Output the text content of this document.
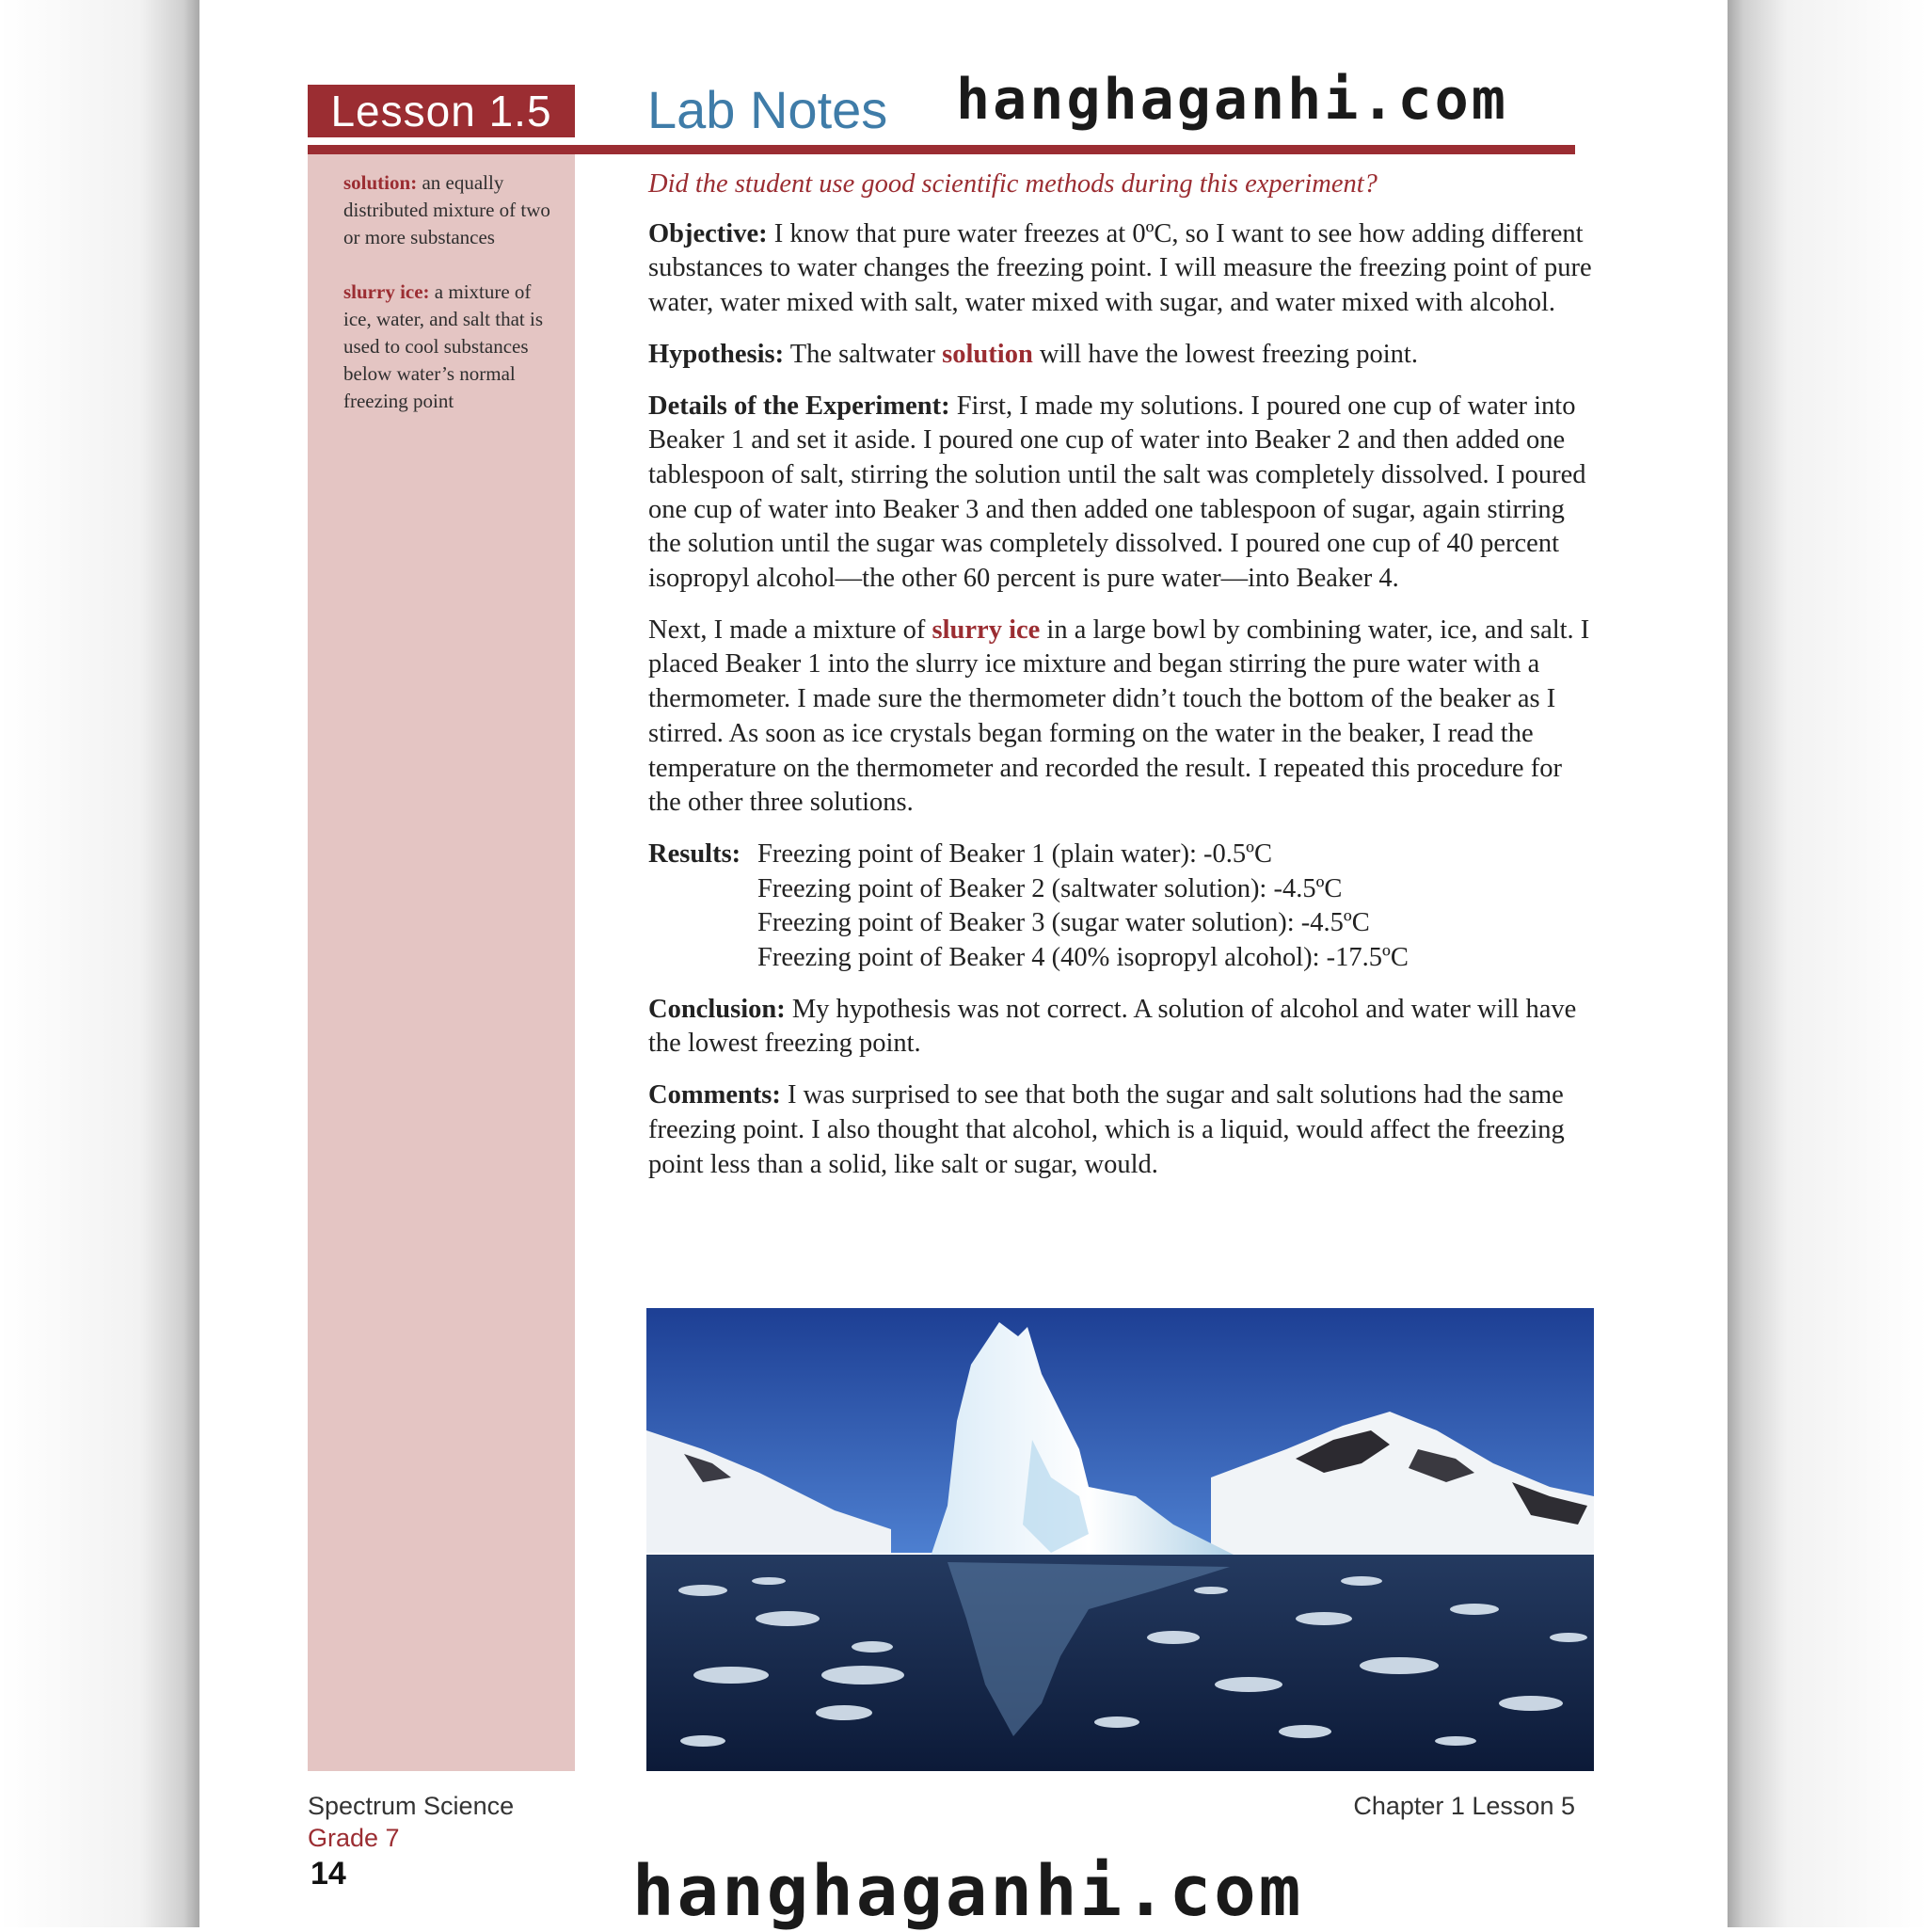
Lesson 1.5	Lab Notes hanghaganhi.com
solution: an equally distributed mixture of two or more substances
slurry ice: a mixture of ice, water, and salt that is used to cool substances below water’s normal freezing point
Did the student use good scientific methods during this experiment?

Objective: I know that pure water freezes at 0ºC, so I want to see how adding different substances to water changes the freezing point. I will measure the freezing point of pure water, water mixed with salt, water mixed with sugar, and water mixed with alcohol.

Hypothesis: The saltwater solution will have the lowest freezing point.

Details of the Experiment: First, I made my solutions. I poured one cup of water into Beaker 1 and set it aside. I poured one cup of water into Beaker 2 and then added one tablespoon of salt, stirring the solution until the salt was completely dissolved. I poured one cup of water into Beaker 3 and then added one tablespoon of sugar, again stirring the solution until the sugar was completely dissolved. I poured one cup of 40 percent isopropyl alcohol—the other 60 percent is pure water—into Beaker 4.

Next, I made a mixture of slurry ice in a large bowl by combining water, ice, and salt. I placed Beaker 1 into the slurry ice mixture and began stirring the pure water with a thermometer. I made sure the thermometer didn’t touch the bottom of the beaker as I stirred. As soon as ice crystals began forming on the water in the beaker, I read the temperature on the thermometer and recorded the result. I repeated this procedure for the other three solutions.

Results:	Freezing point of Beaker 1 (plain water): -0.5ºC
	Freezing point of Beaker 2 (saltwater solution): -4.5ºC
	Freezing point of Beaker 3 (sugar water solution): -4.5ºC
	Freezing point of Beaker 4 (40% isopropyl alcohol): -17.5ºC

Conclusion: My hypothesis was not correct. A solution of alcohol and water will have the lowest freezing point.

Comments: I was surprised to see that both the sugar and salt solutions had the same freezing point. I also thought that alcohol, which is a liquid, would affect the freezing point less than a solid, like salt or sugar, would.

Spectrum Science
Grade 7
14
Chapter 1 Lesson 5
hanghaganhi.com
